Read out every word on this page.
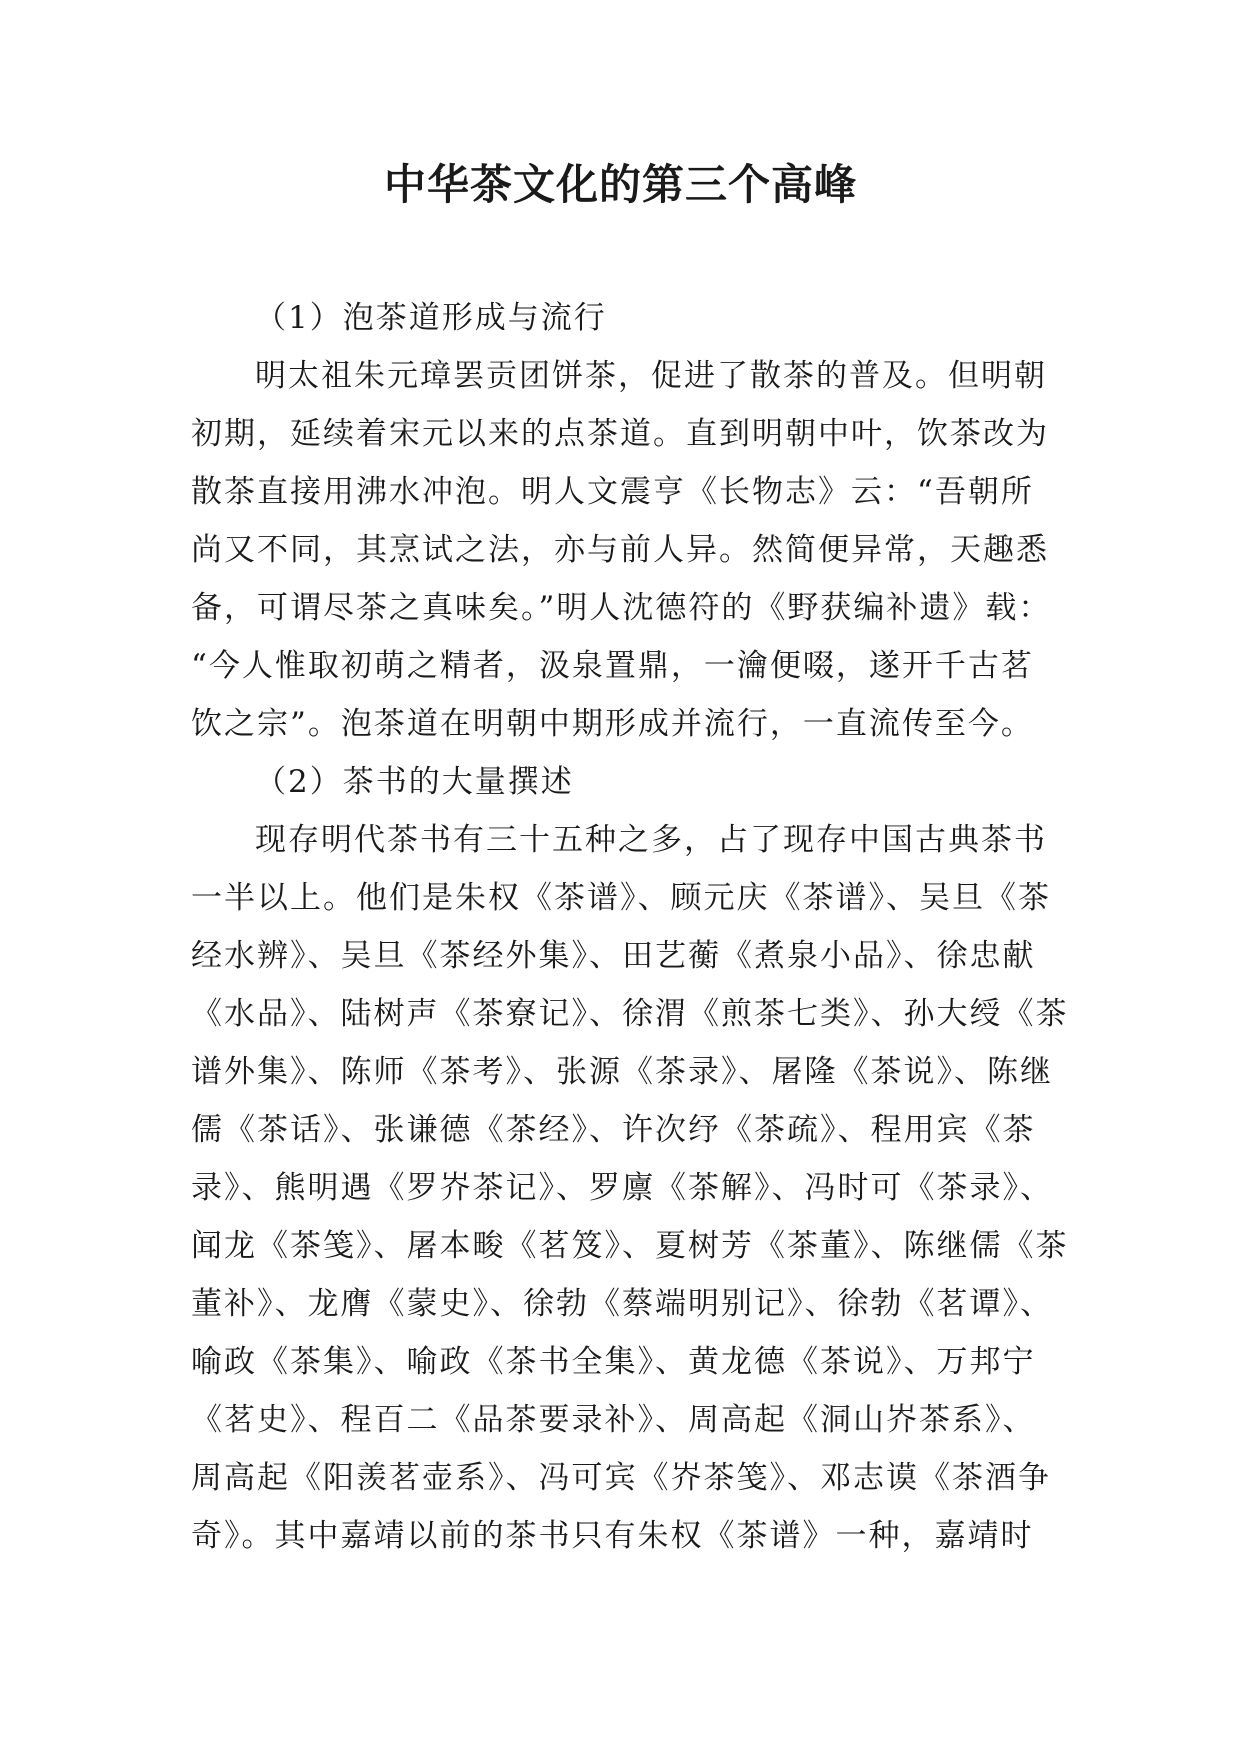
中华茶文化的第三个高峰
（1）泡茶道形成与流行
明太祖朱元璋罢贡团饼茶，促进了散茶的普及。但明朝
初期，延续着宋元以来的点茶道。直到明朝中叶，饮茶改为
散茶直接用沸水冲泡。明人文震亨《长物志》云：“吾朝所
尚又不同，其烹试之法，亦与前人异。然简便异常，天趣悉
备，可谓尽茶之真味矣。”明人沈德符的《野获编补遗》载：
“今人惟取初萌之精者，汲泉置鼎，一瀹便啜，遂开千古茗
饮之宗”。泡茶道在明朝中期形成并流行，一直流传至今。
（2）茶书的大量撰述
现存明代茶书有三十五种之多，占了现存中国古典茶书
一半以上。他们是朱权《茶谱》、顾元庆《茶谱》、吴旦《茶
经水辨》、吴旦《茶经外集》、田艺蘅《煮泉小品》、徐忠献
《水品》、陆树声《茶寮记》、徐渭《煎茶七类》、孙大绶《茶
谱外集》、陈师《茶考》、张源《茶录》、屠隆《茶说》、陈继
儒《茶话》、张谦德《茶经》、许次纾《茶疏》、程用宾《茶
录》、熊明遇《罗岕茶记》、罗廪《茶解》、冯时可《茶录》、
闻龙《茶笺》、屠本畯《茗笈》、夏树芳《茶董》、陈继儒《茶
董补》、龙膺《蒙史》、徐勃《蔡端明别记》、徐勃《茗谭》、
喻政《茶集》、喻政《茶书全集》、黄龙德《茶说》、万邦宁
《茗史》、程百二《品茶要录补》、周高起《洞山岕茶系》、
周高起《阳羡茗壶系》、冯可宾《岕茶笺》、邓志谟《茶酒争
奇》。其中嘉靖以前的茶书只有朱权《茶谱》一种，嘉靖时
